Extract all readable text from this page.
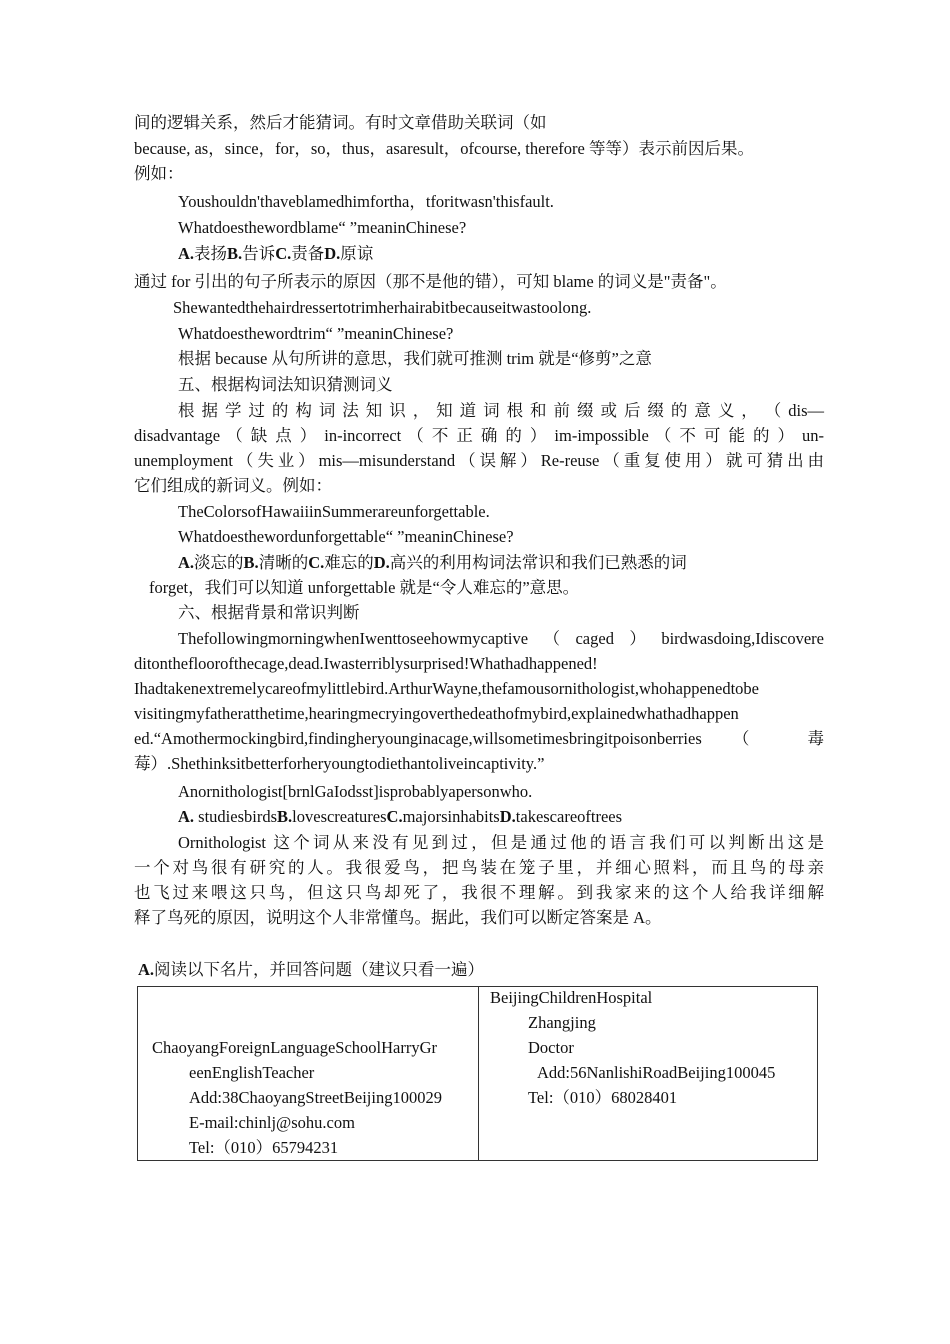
间的逻辑关系，然后才能猜词。有时文章借助关联词（如
because, as，since，for，so，thus，asaresult，ofcourse, therefore 等等）表示前因后果。
例如：
Youshouldn'thaveblamedhimfortha，tforitwasn'thisfault.
Whatdoesthewordblame“ ”meaninChinese?
A.表扬B.告诉C.责备D.原谅
通过 for 引出的句子所表示的原因（那不是他的错），可知 blame 的词义是"责备"。
Shewantedthehairdressertotrimherhairabitbecauseitwastoolong.
Whatdoesthewordtrim“ ”meaninChinese?
根据 because 从句所讲的意思，我们就可推测 trim 就是“修剪”之意
五、根据构词法知识猜测词义
根 据 学 过 的 构 词 法 知 识 ， 知 道 词 根 和 前 缀 或 后 缀 的 意 义 ， （ dis—
disadvantage （ 缺 点 ） in-incorrect （ 不 正 确 的 ） im-impossible （ 不 可 能 的 ） un-
unemployment（失业）mis—misunderstand（误解）Re-reuse（重复使用）就可猜出由
它们组成的新词义。例如：
TheColorsofHawaiiinSummerareunforgettable.
Whatdoesthewordunforgettable“ ”meaninChinese?
A.淡忘的B.清晰的C.难忘的D.高兴的利用构词法常识和我们已熟悉的词
forget，我们可以知道 unforgettable 就是“令人难忘的”意思。
六、根据背景和常识判断
ThefollowingmorningwhenIwenttoseehowmycaptive（caged）birdwasdoing,Idiscovere
ditonthefloorofthecage,dead.Iwasterriblysurprised!Whathadhappened!
Ihadtakenextremelycareofmylittlebird.ArthurWayne,thefamousornithologist,whohappenedtobe
visitingmyfatheratthetime,hearingmecryingoverthedeathofmybird,explainedwhathadhappen
ed.“Amothermockingbird,findingheryounginacage,willsometimesbringitpoisonberries （ 毒
莓）.Shethinksitbetterforheryoungtodiethantoliveincaptivity.”
Anornithologist[brnlGaIodsst]isprobablyapersonwho.
A. studiesbirdsB.lovescreaturesC.majorsinhabitsD.takescareoftrees
Ornithologist 这个词从来没有见到过，但是通过他的语言我们可以判断出这是
一个对鸟很有研究的人。我很爱鸟，把鸟装在笼子里，并细心照料，而且鸟的母亲
也飞过来喂这只鸟，但这只鸟却死了，我很不理解。到我家来的这个人给我详细解
释了鸟死的原因，说明这个人非常懂鸟。据此，我们可以断定答案是 A。
A.阅读以下名片，并回答问题（建议只看一遍）
ChaoyangForeignLanguageSchoolHarryGr
eenEnglishTeacher
Add:38ChaoyangStreetBeijing100029
E-mail:chinlj@sohu.com
Tel:（010）65794231
BeijingChildrenHospital
Zhangjing
Doctor
Add:56NanlishiRoadBeijing100045
Tel:（010）68028401
